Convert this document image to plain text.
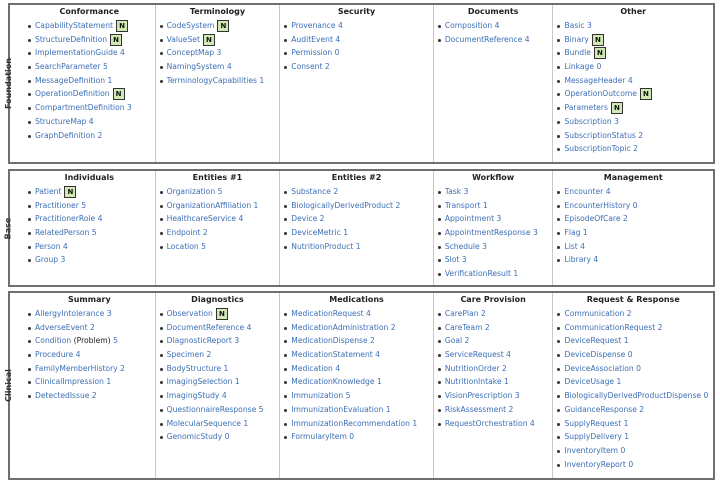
Foundation
Conformance
CapabilityStatement N
StructureDefinition N
ImplementationGuide 4
SearchParameter 5
MessageDefinition 1
OperationDefinition N
CompartmentDefinition 3
StructureMap 4
GraphDefinition 2
Terminology
CodeSystem N
ValueSet N
ConceptMap 3
NamingSystem 4
TerminologyCapabilities 1
Security
Provenance 4
AuditEvent 4
Permission 0
Consent 2
Documents
Composition 4
DocumentReference 4
Other
Basic 3
Binary N
Bundle N
Linkage 0
MessageHeader 4
OperationOutcome N
Parameters N
Subscription 3
SubscriptionStatus 2
SubscriptionTopic 2
Base
Individuals
Patient N
Practitioner 5
PractitionerRole 4
RelatedPerson 5
Person 4
Group 3
Entities #1
Organization 5
OrganizationAffiliation 1
HealthcareService 4
Endpoint 2
Location 5
Entities #2
Substance 2
BiologicallyDerivedProduct 2
Device 2
DeviceMetric 1
NutritionProduct 1
Workflow
Task 3
Transport 1
Appointment 3
AppointmentResponse 3
Schedule 3
Slot 3
VerificationResult 1
Management
Encounter 4
EncounterHistory 0
EpisodeOfCare 2
Flag 1
List 4
Library 4
Clinical
Summary
AllergyIntolerance 3
AdverseEvent 2
Condition (Problem) 5
Procedure 4
FamilyMemberHistory 2
ClinicalImpression 1
DetectedIssue 2
Diagnostics
Observation N
DocumentReference 4
DiagnosticReport 3
Specimen 2
BodyStructure 1
ImagingSelection 1
ImagingStudy 4
QuestionnaireResponse 5
MolecularSequence 1
GenomicStudy 0
Medications
MedicationRequest 4
MedicationAdministration 2
MedicationDispense 2
MedicationStatement 4
Medication 4
MedicationKnowledge 1
Immunization 5
ImmunizationEvaluation 1
ImmunizationRecommendation 1
FormularyItem 0
Care Provision
CarePlan 2
CareTeam 2
Goal 2
ServiceRequest 4
NutritionOrder 2
NutritionIntake 1
VisionPrescription 3
RiskAssessment 2
RequestOrchestration 4
Request & Response
Communication 2
CommunicationRequest 2
DeviceRequest 1
DeviceDispense 0
DeviceAssociation 0
DeviceUsage 1
BiologicallyDerivedProductDispense 0
GuidanceResponse 2
SupplyRequest 1
SupplyDelivery 1
InventoryItem 0
InventoryReport 0
